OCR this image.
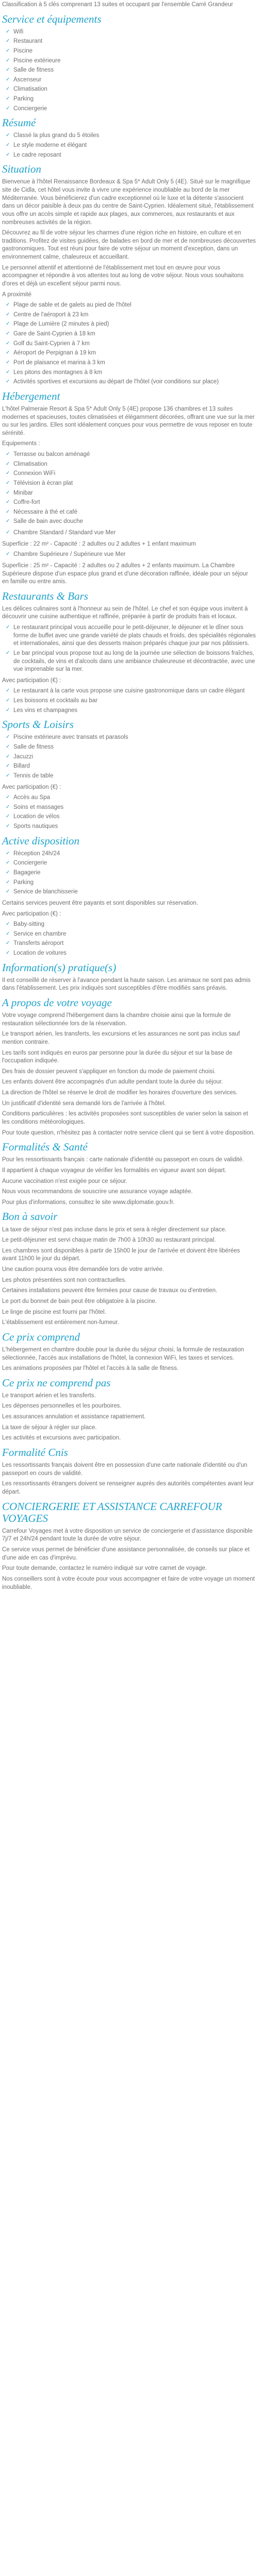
Classification à 5 clés comprenant 13 suites et occupant par l'ensemble Carré Grandeur

Service et équipements
✓ Wifi
✓ Restaurant
✓ Piscine
✓ Piscine extérieure
✓ Salle de fitness
✓ Ascenseur
✓ Climatisation
✓ Parking
✓ Conciergerie
Résumé
✓ Classé la plus grand du 5 étoiles
✓ Le style moderne et élégant
✓ Le cadre reposant
Situation

Bienvenue à l'hôtel Renaissance Bordeaux & Spa 5* Adult Only 5 (4E). Situé sur le magnifique site de Cidla, cet hôtel vous invite à vivre une expérience inoubliable au bord de la mer Méditerranée. Vous bénéficierez d'un cadre exceptionnel où le luxe et la détente s'associent dans un décor paisible à deux pas du centre de Saint-Cyprien. Idéalement situé, l'établissement vous offre un accès simple et rapide aux plages, aux commerces, aux restaurants et aux nombreuses activités de la région.

Découvrez au fil de votre séjour les charmes d'une région riche en histoire, en culture et en traditions. Profitez de visites guidées, de balades en bord de mer et de nombreuses découvertes gastronomiques. Tout est réuni pour faire de votre séjour un moment d'exception, dans un environnement calme, chaleureux et accueillant.

Le personnel attentif et attentionné de l'établissement met tout en œuvre pour vous accompagner et répondre à vos attentes tout au long de votre séjour. Nous vous souhaitons d'ores et déjà un excellent séjour parmi nous.

A proximité

✓ Plage de sable et de galets au pied de l'hôtel
✓ Centre de l'aéroport à 23 km
✓ Plage de Lumière (2 minutes à pied)
✓ Gare de Saint-Cyprien à 18 km
✓ Golf du Saint-Cyprien à 7 km
✓ Aéroport de Perpignan à 19 km
✓ Port de plaisance et marina à 3 km
✓ Les pitons des montagnes à 8 km
✓ Activités sportives et excursions au départ de l'hôtel (voir conditions sur place)
Hébergement

L'hôtel Palmeraie Resort & Spa 5* Adult Only 5 (4E) propose 136 chambres et 13 suites modernes et spacieuses, toutes climatisées et élégamment décorées, offrant une vue sur la mer ou sur les jardins. Elles sont idéalement conçues pour vous permettre de vous reposer en toute sérénité.

Equipements :

✓ Terrasse ou balcon aménagé
✓ Climatisation
✓ Connexion WiFi
✓ Télévision à écran plat
✓ Minibar
✓ Coffre-fort
✓ Nécessaire à thé et café
✓ Salle de bain avec douche
✓ Chambre Standard / Standard vue Mer

Superficie : 22 m² - Capacité : 2 adultes ou 2 adultes + 1 enfant maximum

✓ Chambre Supérieure / Supérieure vue Mer

Superficie : 25 m² - Capacité : 2 adultes ou 2 adultes + 2 enfants maximum. La Chambre Supérieure dispose d'un espace plus grand et d'une décoration raffinée, idéale pour un séjour en famille ou entre amis.

Restaurants & Bars

Les délices culinaires sont à l'honneur au sein de l'hôtel. Le chef et son équipe vous invitent à découvrir une cuisine authentique et raffinée, préparée à partir de produits frais et locaux.

✓ Le restaurant principal vous accueille pour le petit-déjeuner, le déjeuner et le dîner sous forme de buffet avec une grande variété de plats chauds et froids, des spécialités régionales et internationales, ainsi que des desserts maison préparés chaque jour par nos pâtissiers.
✓ Le bar principal vous propose tout au long de la journée une sélection de boissons fraîches, de cocktails, de vins et d'alcools dans une ambiance chaleureuse et décontractée, avec une vue imprenable sur la mer.

Avec participation (€) :

✓ Le restaurant à la carte vous propose une cuisine gastronomique dans un cadre élégant
✓ Les boissons et cocktails au bar
✓ Les vins et champagnes
Sports & Loisirs
✓ Piscine extérieure avec transats et parasols
✓ Salle de fitness
✓ Jacuzzi
✓ Billard
✓ Tennis de table

Avec participation (€) :

✓ Accès au Spa
✓ Soins et massages
✓ Location de vélos
✓ Sports nautiques
Active disposition
✓ Réception 24h/24
✓ Conciergerie
✓ Bagagerie
✓ Parking
✓ Service de blanchisserie

Certains services peuvent être payants et sont disponibles sur réservation.

Avec participation (€) :

✓ Baby-sitting
✓ Service en chambre
✓ Transferts aéroport
✓ Location de voitures
Information(s) pratique(s)

Il est conseillé de réserver à l'avance pendant la haute saison. Les animaux ne sont pas admis dans l'établissement. Les prix indiqués sont susceptibles d'être modifiés sans préavis.

A propos de votre voyage

Votre voyage comprend l'hébergement dans la chambre choisie ainsi que la formule de restauration sélectionnée lors de la réservation.

Le transport aérien, les transferts, les excursions et les assurances ne sont pas inclus sauf mention contraire.

Les tarifs sont indiqués en euros par personne pour la durée du séjour et sur la base de l'occupation indiquée.

Des frais de dossier peuvent s'appliquer en fonction du mode de paiement choisi.

Les enfants doivent être accompagnés d'un adulte pendant toute la durée du séjour.

La direction de l'hôtel se réserve le droit de modifier les horaires d'ouverture des services.

Un justificatif d'identité sera demandé lors de l'arrivée à l'hôtel.

Conditions particulières : les activités proposées sont susceptibles de varier selon la saison et les conditions météorologiques.

Pour toute question, n'hésitez pas à contacter notre service client qui se tient à votre disposition.

Formalités & Santé

Pour les ressortissants français : carte nationale d'identité ou passeport en cours de validité.

Il appartient à chaque voyageur de vérifier les formalités en vigueur avant son départ.

Aucune vaccination n'est exigée pour ce séjour.

Nous vous recommandons de souscrire une assurance voyage adaptée.

Pour plus d'informations, consultez le site www.diplomatie.gouv.fr.

Bon à savoir

La taxe de séjour n'est pas incluse dans le prix et sera à régler directement sur place.

Le petit-déjeuner est servi chaque matin de 7h00 à 10h30 au restaurant principal.

Les chambres sont disponibles à partir de 15h00 le jour de l'arrivée et doivent être libérées avant 11h00 le jour du départ.

Une caution pourra vous être demandée lors de votre arrivée.

Les photos présentées sont non contractuelles.

Certaines installations peuvent être fermées pour cause de travaux ou d'entretien.

Le port du bonnet de bain peut être obligatoire à la piscine.

Le linge de piscine est fourni par l'hôtel.

L'établissement est entièrement non-fumeur.

Ce prix comprend

L'hébergement en chambre double pour la durée du séjour choisi, la formule de restauration sélectionnée, l'accès aux installations de l'hôtel, la connexion WiFi, les taxes et services.

Les animations proposées par l'hôtel et l'accès à la salle de fitness.

Ce prix ne comprend pas

Le transport aérien et les transferts.

Les dépenses personnelles et les pourboires.

Les assurances annulation et assistance rapatriement.

La taxe de séjour à régler sur place.

Les activités et excursions avec participation.

Formalité Cnis

Les ressortissants français doivent être en possession d'une carte nationale d'identité ou d'un passeport en cours de validité.

Les ressortissants étrangers doivent se renseigner auprès des autorités compétentes avant leur départ.

CONCIERGERIE ET ASSISTANCE CARREFOUR VOYAGES

Carrefour Voyages met à votre disposition un service de conciergerie et d'assistance disponible 7j/7 et 24h/24 pendant toute la durée de votre séjour.

Ce service vous permet de bénéficier d'une assistance personnalisée, de conseils sur place et d'une aide en cas d'imprévu.

Pour toute demande, contactez le numéro indiqué sur votre carnet de voyage.

Nos conseillers sont à votre écoute pour vous accompagner et faire de votre voyage un moment inoubliable.
